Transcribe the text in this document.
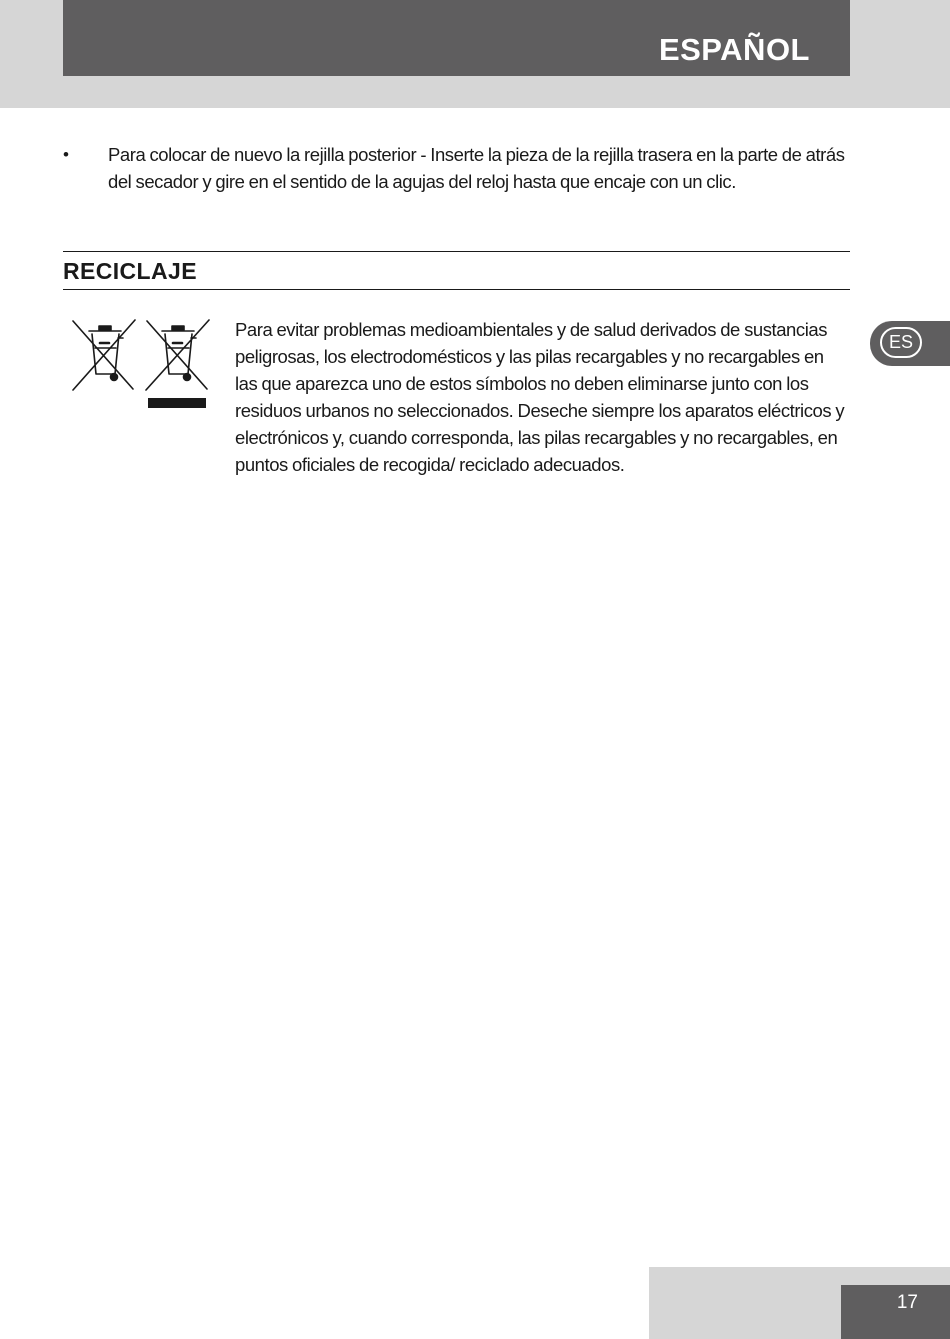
ESPAÑOL
• Para colocar de nuevo la rejilla posterior - Inserte la pieza de la rejilla trasera en la parte de atrás del secador y gire en el sentido de la agujas del reloj hasta que encaje con un clic.
RECICLAJE
Para evitar problemas medioambientales y de salud derivados de sustancias peligrosas, los electrodomésticos y las pilas recargables y no recargables en las que aparezca uno de estos símbolos no deben eliminarse junto con los residuos urbanos no seleccionados. Deseche siempre los aparatos eléctricos y electrónicos y, cuando corresponda, las pilas recargables y no recargables, en puntos oficiales de recogida/ reciclado adecuados.
ES
17
